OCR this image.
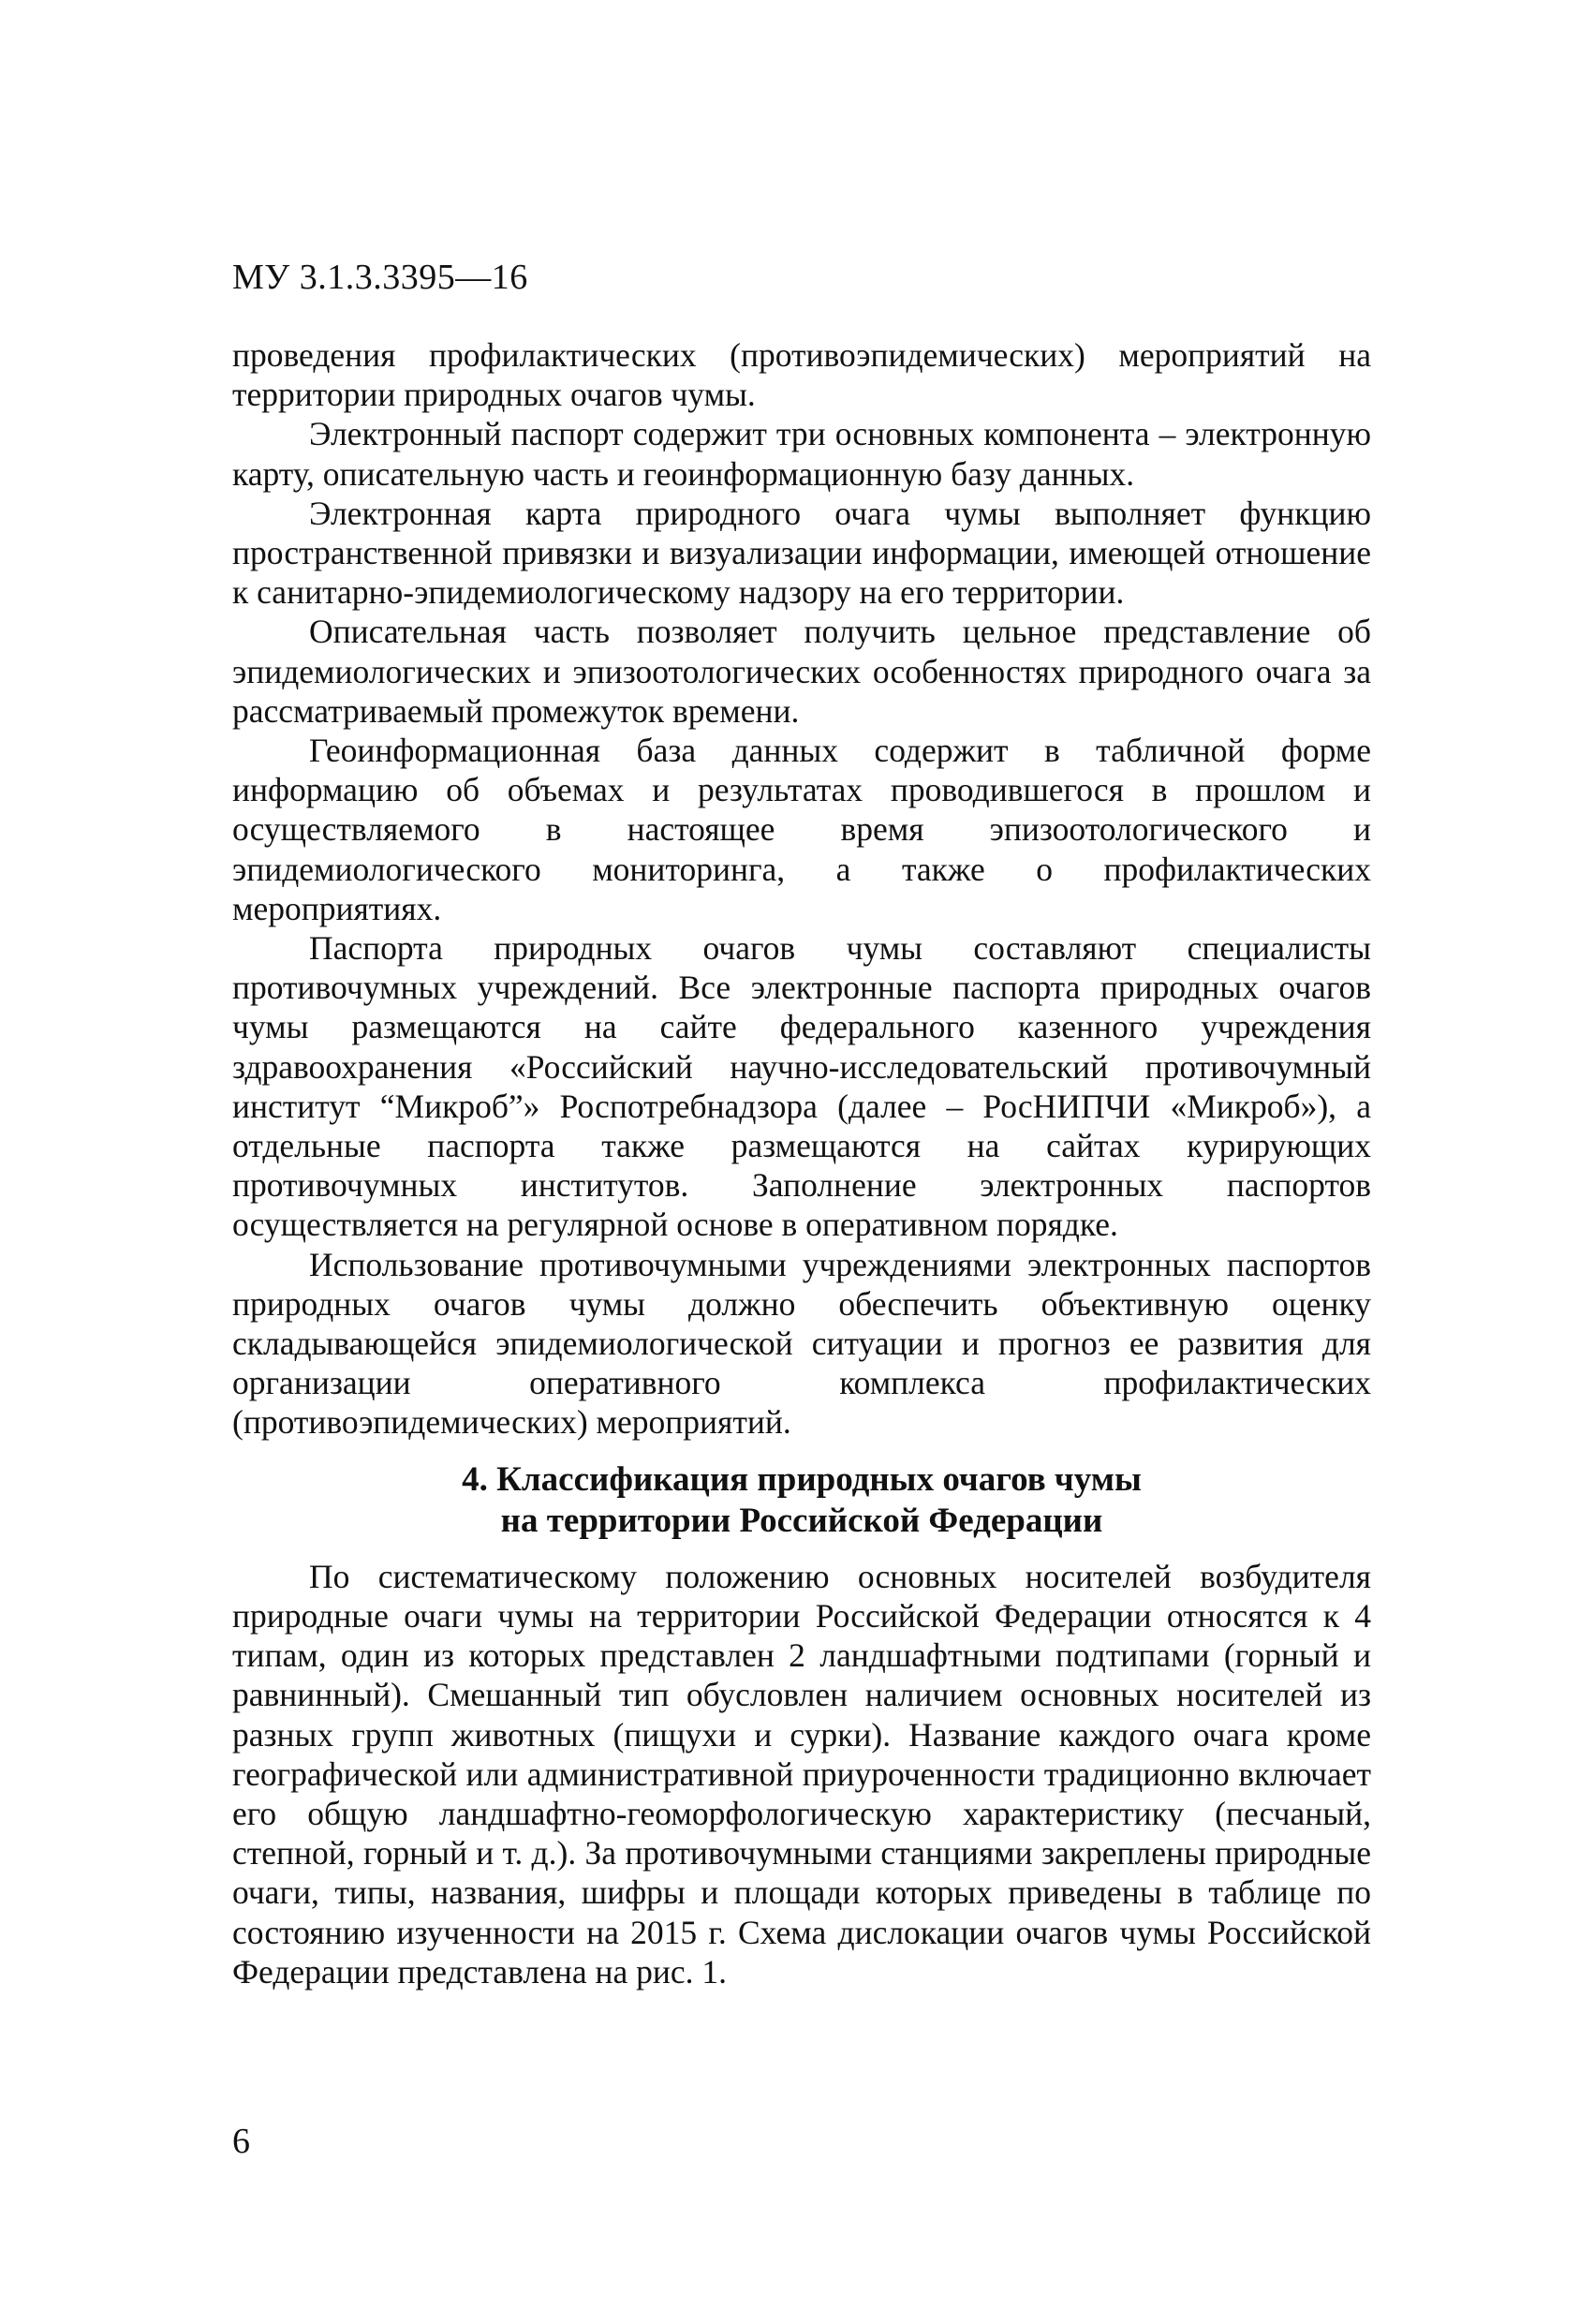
МУ 3.1.3.3395—16

проведения профилактических (противоэпидемических) мероприятий на территории природных очагов чумы.

Электронный паспорт содержит три основных компонента – электронную карту, описательную часть и геоинформационную базу данных.

Электронная карта природного очага чумы выполняет функцию пространственной привязки и визуализации информации, имеющей отношение к санитарно-эпидемиологическому надзору на его территории.

Описательная часть позволяет получить цельное представление об эпидемиологических и эпизоотологических особенностях природного очага за рассматриваемый промежуток времени.

Геоинформационная база данных содержит в табличной форме информацию об объемах и результатах проводившегося в прошлом и осуществляемого в настоящее время эпизоотологического и эпидемиологического мониторинга, а также о профилактических мероприятиях.

Паспорта природных очагов чумы составляют специалисты противочумных учреждений. Все электронные паспорта природных очагов чумы размещаются на сайте федерального казенного учреждения здравоохранения «Российский научно-исследовательский противочумный институт “Микроб”» Роспотребнадзора (далее – РосНИПЧИ «Микроб»), а отдельные паспорта также размещаются на сайтах курирующих противочумных институтов. Заполнение электронных паспортов осуществляется на регулярной основе в оперативном порядке.

Использование противочумными учреждениями электронных паспортов природных очагов чумы должно обеспечить объективную оценку складывающейся эпидемиологической ситуации и прогноз ее развития для организации оперативного комплекса профилактических (противоэпидемических) мероприятий.

4. Классификация природных очагов чумы
на территории Российской Федерации

По систематическому положению основных носителей возбудителя природные очаги чумы на территории Российской Федерации относятся к 4 типам, один из которых представлен 2 ландшафтными подтипами (горный и равнинный). Смешанный тип обусловлен наличием основных носителей из разных групп животных (пищухи и сурки). Название каждого очага кроме географической или административной приуроченности традиционно включает его общую ландшафтно-геоморфологическую характеристику (песчаный, степной, горный и т. д.). За противочумными станциями закреплены природные очаги, типы, названия, шифры и площади которых приведены в таблице по состоянию изученности на 2015 г. Схема дислокации очагов чумы Российской Федерации представлена на рис. 1.

6
